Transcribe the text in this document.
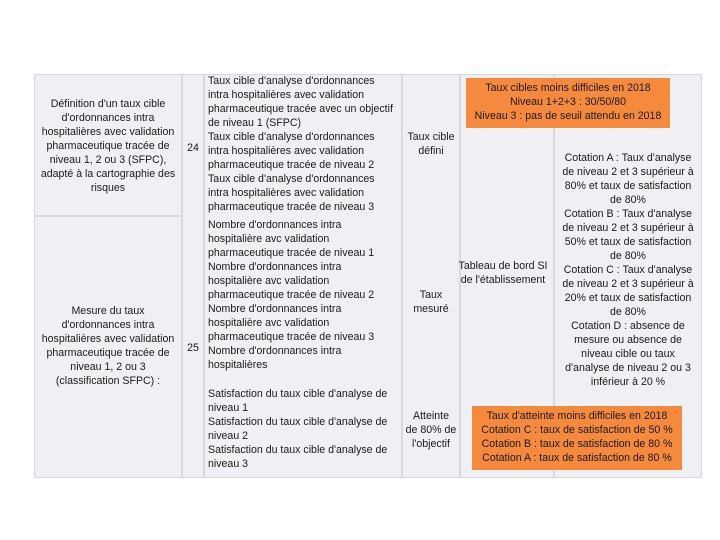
Définition d'un taux cible
d'ordonnances intra
hospitalières avec validation
pharmaceutique tracée de
niveau 1, 2 ou 3 (SFPC),
adapté à la cartographie des
risques
Mesure du taux
d'ordonnances intra
hospitalières avec validation
pharmaceutique tracée de
niveau 1, 2 ou 3
(classification SFPC) :
24
25
Taux cible d'analyse d'ordonnances
intra hospitalières avec validation
pharmaceutique tracée avec un objectif
de niveau 1 (SFPC)
Taux cible d'analyse d'ordonnances
intra hospitalières avec validation
pharmaceutique tracée de niveau 2
Taux cible d'analyse d'ordonnances
intra hospitalières avec validation
pharmaceutique tracée de niveau 3
Nombre d'ordonnances intra
hospitalière avc validation
pharmaceutique tracée de niveau 1
Nombre d'ordonnances intra
hospitalière avc validation
pharmaceutique tracée de niveau 2
Nombre d'ordonnances intra
hospitalière avc validation
pharmaceutique tracée de niveau 3
Nombre d'ordonnances intra
hospitalières
Satisfaction du taux cible d'analyse de
niveau 1
Satisfaction du taux cible d'analyse de
niveau 2
Satisfaction du taux cible d'analyse de
niveau 3
Taux cible
défini
Taux
mesuré
Atteinte
de 80% de
l'objectif
Tableau de bord SI
de l'établissement
Cotation A : Taux d'analyse
de niveau 2 et 3 supérieur à
80% et taux de satisfaction
de 80%
Cotation B : Taux d'analyse
de niveau 2 et 3 supérieur à
50% et taux de satisfaction
de 80%
Cotation C : Taux d'analyse
de niveau 2 et 3 supérieur à
20% et taux de satisfaction
de 80%
Cotation D : absence de
mesure ou absence de
niveau cible ou taux
d'analyse de niveau 2 ou 3
inférieur à 20 %
Taux cibles moins difficiles en 2018
Niveau 1+2+3 : 30/50/80
Niveau 3 : pas de seuil attendu en 2018
Taux d'atteinte moins difficiles en 2018
Cotation C : taux de satisfaction de 50 %
Cotation B : taux de satisfaction de 80 %
Cotation A : taux de satisfaction de 80 %
